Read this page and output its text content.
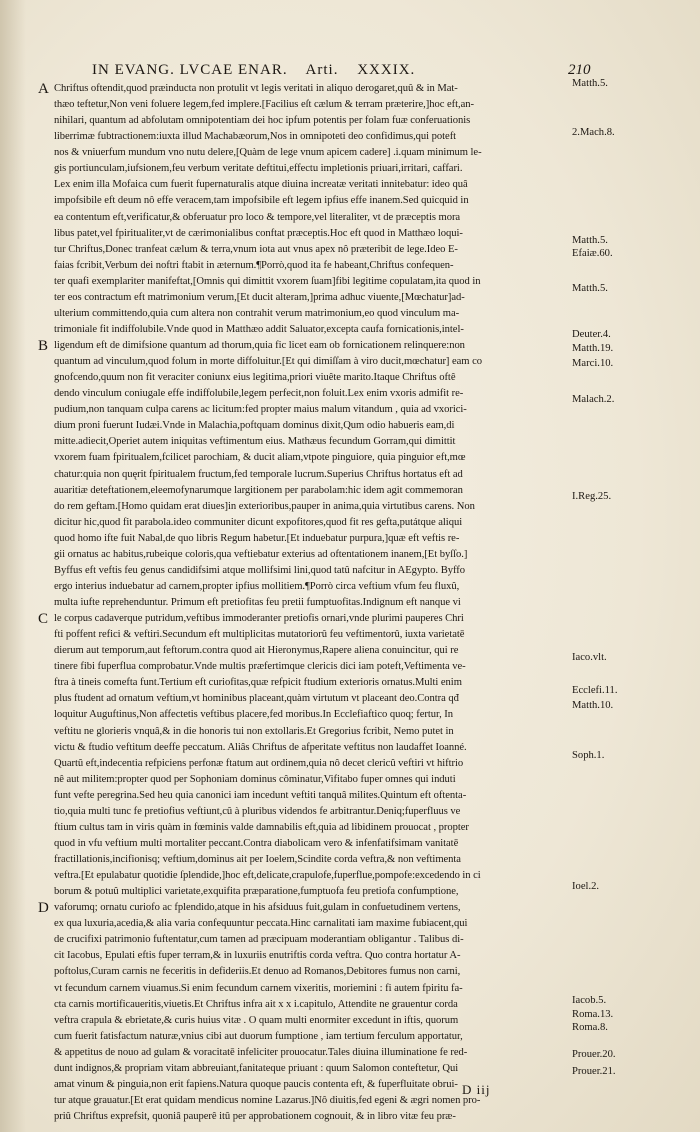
IN EVANG. LVCAE ENAR. Arti. XXXIX.	210
Chriftus oftendit,quod præinducta non protulit vt legis veritati in aliquo derogaret,quû & in Mat-
thæo teftetur,Non veni foluere legem,fed implere.[Facilius eſt cælum & terram præterire,]hoc eft,an-
nihilari, quantum ad abfolutam omnipotentiam dei hoc ipfum potentis per folam fuæ conferuationis
liberrimæ fubtractionem:iuxta illud Machabæorum,Nos in omnipoteti deo confidimus,qui poteft
nos & vniuerfum mundum vno nutu delere,[Quàm de lege vnum apicem cadere] .i.quam minimum le-
gis portiunculam,iufsionem,feu verbum veritate deftitui,effectu impletionis priuari,irritari, caffari.
Lex enim illa Mofaica cum fuerit fupernaturalis atque diuina increatæ veritati innitebatur: ideo quâ
impofsibile eft deum nô effe veracem,tam impofsibile eft legem ipfius effe inanem.Sed quicquid in
ea contentum eft,verificatur,& obferuatur pro loco & tempore,vel literaliter, vt de præceptis mora
libus patet,vel fpiritualiter,vt de cærimonialibus conftat præceptis.Hoc eft quod in Matthæo loqui-
tur Chriftus,Donec tranfeat cælum & terra,vnum iota aut vnus apex nô præteribit de lege.Ideo E-
faias fcribit,Verbum dei noftri ftabit in æternum.¶Porrò,quod ita fe habeant,Chriftus confequen-
ter quafi exemplariter manifeftat,[Omnis qui dimittit vxorem ſuam]fibi legitime copulatam,ita quod in
ter eos contractum eft matrimonium verum,[Et ducit alteram,]prima adhuc viuente,[Mœchatur]ad-
ulterium committendo,quia cum altera non contrahit verum matrimonium,eo quod vinculum ma-
trimoniale fit indiffolubile.Vnde quod in Matthæo addit Saluator,excepta caufa fornicationis,intel-
ligendum eft de dimifsione quantum ad thorum,quia fic licet eam ob fornicationem relinquere:non
quantum ad vinculum,quod folum in morte diffoluitur.[Et qui dimiſſam à viro ducit,mœchatur] eam co
gnofcendo,quum non fit veraciter coniunx eius legitima,priori viuête marito.Itaque Chriftus oftê
dendo vinculum coniugale effe indiffolubile,legem perfecit,non foluit.Lex enim vxoris admifit re-
pudium,non tanquam culpa carens ac licitum:fed propter maius malum vitandum , quia ad vxorici-
dium proni fuerunt Iudæi.Vnde in Malachia,poftquam dominus dixit,Qum odio habueris eam,di
mitte.adiecit,Operiet autem iniquitas veftimentum eius. Mathæus fecundum Gorram,qui dimittit
vxorem fuam fpiritualem,fcilicet parochiam, & ducit aliam,vtpote pinguiore, quia pinguior eft,mœ
chatur:quia non quęrit fpiritualem fructum,fed temporale lucrum.Superius Chriftus hortatus eft ad
auaritiæ deteftationem,eleemofynarumque largitionem per parabolam:hic idem agit commemoran
do rem geftam.[Homo quidam erat diues]in exterioribus,pauper in anima,quia virtutibus carens. Non
dicitur hic,quod fit parabola.ideo communiter dicunt expofitores,quod fit res gefta,putátque aliqui
quod homo ifte fuit Nabal,de quo libris Regum habetur.[Et induebatur purpura,]quæ eft veftis re-
gii ornatus ac habitus,rubeique coloris,qua veftiebatur exterius ad oftentationem inanem,[Et byſſo.]
Byffus eft veftis feu genus candidifsimi atque mollifsimi lini,quod tatû nafcitur in AEgypto. Byffo
ergo interius induebatur ad carnem,propter ipfius mollitiem.¶Porrò circa veftium vfum feu fluxû,
multa iufte reprehenduntur. Primum eft pretiofitas feu pretii fumptuofitas.Indignum eft nanque vi
le corpus cadaverque putridum,veftibus immoderanter pretiofis ornari,vnde plurimi pauperes Chri
fti poffent refici & veftiri.Secundum eft multiplicitas mutatoriorû feu veftimentorû, iuxta varietatē
dierum aut temporum,aut feftorum.contra quod ait Hieronymus,Rapere aliena conuincitur, qui re
tinere fibi fuperflua comprobatur.Vnde multis præfertimque clericis dici iam poteft,Veftimenta ve-
ftra à tineis comefta funt.Tertium eft curiofitas,quæ refpicit ftudium exterioris ornatus.Multi enim
plus ftudent ad ornatum veftium,vt hominibus placeant,quàm virtutum vt placeant deo.Contra qđ
loquitur Auguftinus,Non affectetis veftibus placere,fed moribus.In Ecclefiaftico quoq; fertur, In
veftitu ne glorieris vnquâ,& in die honoris tui non extollaris.Et Gregorius fcribit, Nemo putet in
victu & ftudio veftitum deeffe peccatum. Aliâs Chriftus de afperitate veftitus non laudaffet Ioanné.
Quartû eft,indecentia refpiciens perfonæ ftatum aut ordinem,quia nô decet clericû veftiri vt hiftrio
nê aut militem:propter quod per Sophoniam dominus côminatur,Vifitabo fuper omnes qui induti
funt vefte peregrina.Sed heu quia canonici iam incedunt veftiti tanquâ milites.Quintum eft oftenta-
tio,quia multi tunc fe pretiofius veftiunt,cû à pluribus videndos fe arbitrantur.Deniq;fuperfluus ve
ftium cultus tam in viris quàm in fœminis valde damnabilis eft,quia ad libidinem prouocat , propter
quod in vfu veftium multi mortaliter peccant.Contra diabolicam vero & infenfatifsimam vanitatē
fractillationis,incifionisq; veftium,dominus ait per Ioelem,Scindite corda veftra,& non veftimenta
veftra.[Et epulabatur quotidie ſplendide,]hoc eft,delicate,crapulofe,fuperflue,pompofe:excedendo in ci
borum & potuû multiplici varietate,exquifita præparatione,fumptuofa feu pretiofa confumptione,
vaforumq; ornatu curiofo ac fplendido,atque in his afsiduus fuit,gulam in confuetudinem vertens,
ex qua luxuria,acedia,& alia varia confequuntur peccata.Hinc carnalitati iam maxime fubiacent,qui
de crucifixi patrimonio fuftentatur,cum tamen ad præcipuam moderantiam obligantur . Talibus di-
cit Iacobus, Epulati eftis fuper terram,& in luxuriis enutriftis corda veftra. Quo contra hortatur A-
poftolus,Curam carnis ne feceritis in defideriis.Et denuo ad Romanos,Debitores fumus non carni,
vt fecundum carnem viuamus.Si enim fecundum carnem vixeritis, moriemini : fi autem fpiritu fa-
cta carnis mortificaueritis,viuetis.Et Chriftus infra ait x x i.capitulo, Attendite ne grauentur corda
veftra crapula & ebrietate,& curis huius vitæ . O quam multi enormiter excedunt in iftis, quorum
cum fuerit fatisfactum naturæ,vnius cibi aut duorum fumptione , iam tertium ferculum apportatur,
& appetitus de nouo ad gulam & voracitatē infeliciter prouocatur.Tales diuina illuminatione fe red-
dunt indignos,& propriam vitam abbreuiant,fanitateque priuant : quum Salomon conteftetur, Qui
amat vinum & pinguia,non erit fapiens.Natura quoque paucis contenta eft, & fuperfluitate obrui-
tur atque grauatur.[Et erat quidam mendicus nomine Lazarus.]Nô diuitis,fed egeni & ægri nomen pro-
priû Chriftus exprefsit, quoniâ pauperê itû per approbationem cognouit, & in libro vitæ feu præ-
A
B
C
D
Matth.5.
2.Mach.8.
Matth.5.
Efaiæ.60.
Matth.5.
Deuter.4.
Matth.19.
Marci.10.
Malach.2.
I.Reg.25.
Iaco.vlt.
Ecclefi.11.
Matth.10.
Soph.1.
Ioel.2.
Iacob.5.
Roma.13.
Roma.8.
Prouer.20.
Prouer.21.
D iij
